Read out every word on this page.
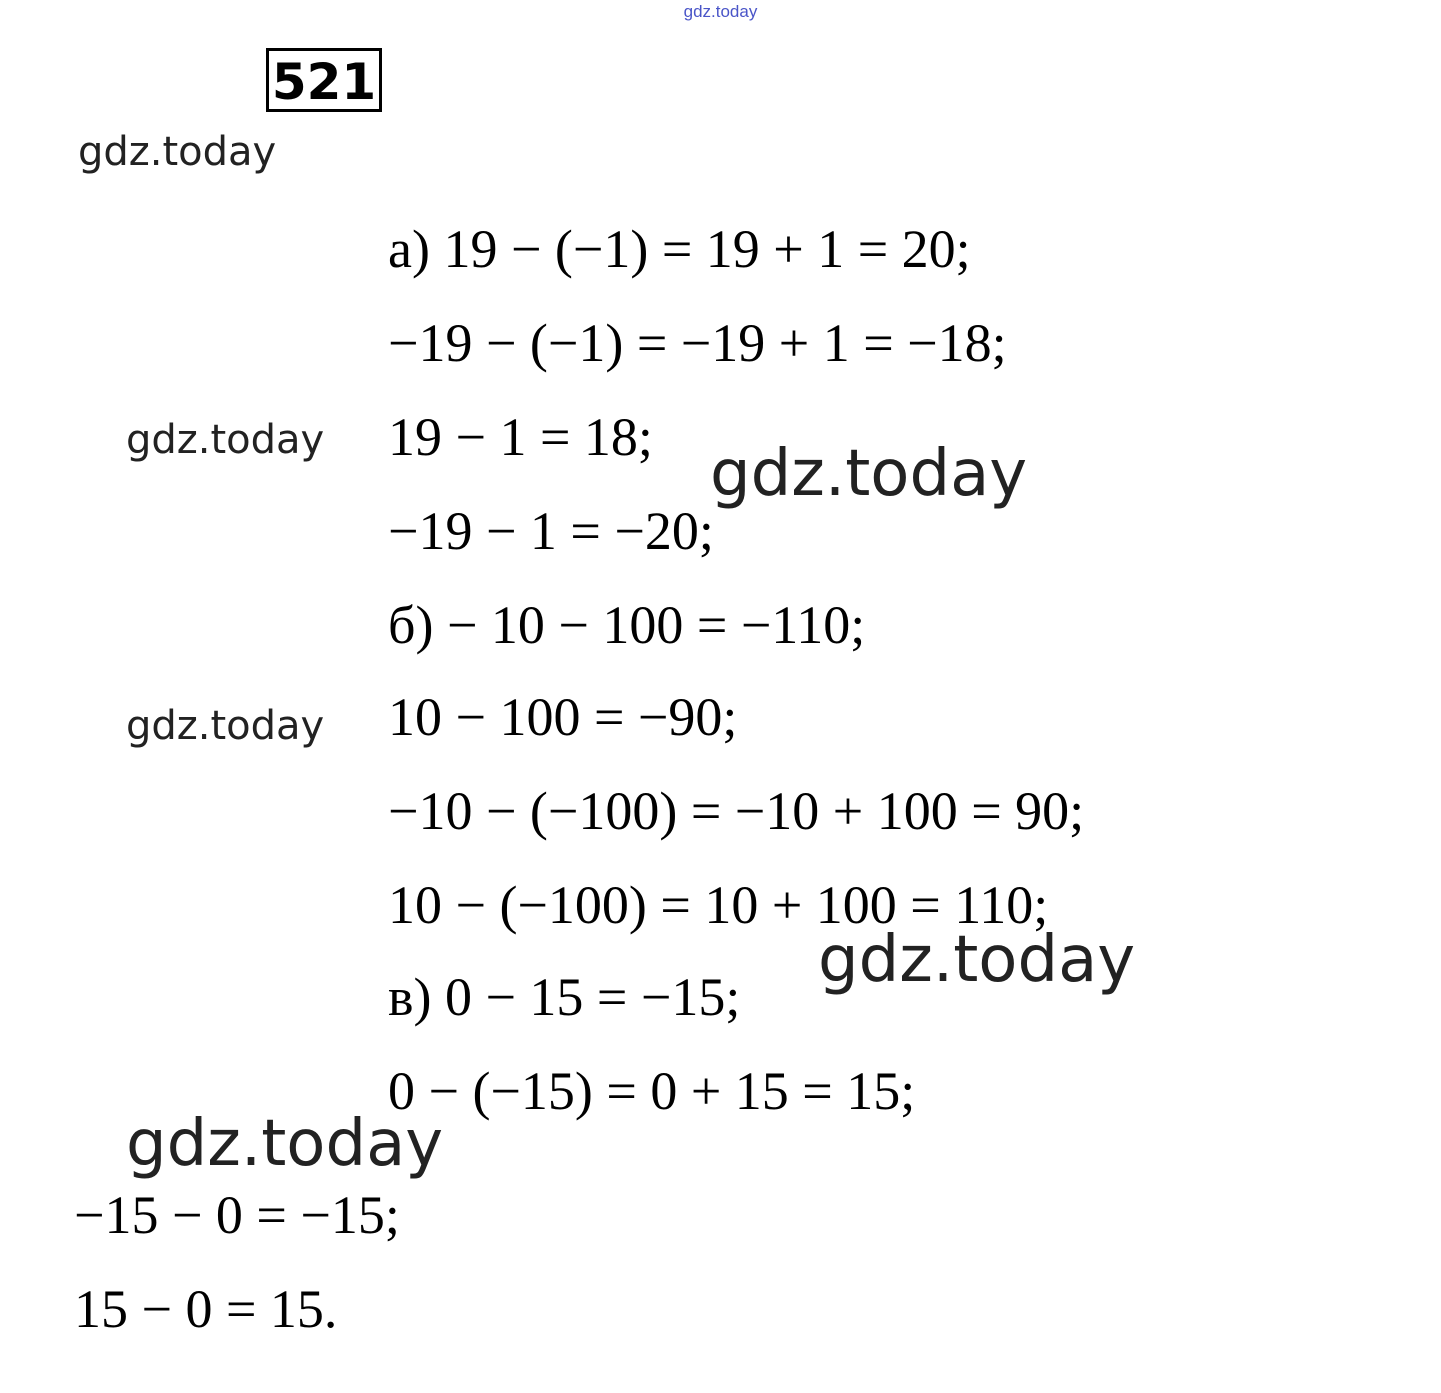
gdz.today
521
gdz.today
gdz.today	gdz.today
gdz.today
gdz.today
gdz.today
а) 19 − (−1) = 19 + 1 = 20;
−19 − (−1) = −19 + 1 = −18;
19 − 1 = 18;
−19 − 1 = −20;
б) − 10 − 100 = −110;
10 − 100 = −90;
−10 − (−100) = −10 + 100 = 90;
10 − (−100) = 10 + 100 = 110;
в) 0 − 15 = −15;
0 − (−15) = 0 + 15 = 15;
−15 − 0 = −15;
15 − 0 = 15.
